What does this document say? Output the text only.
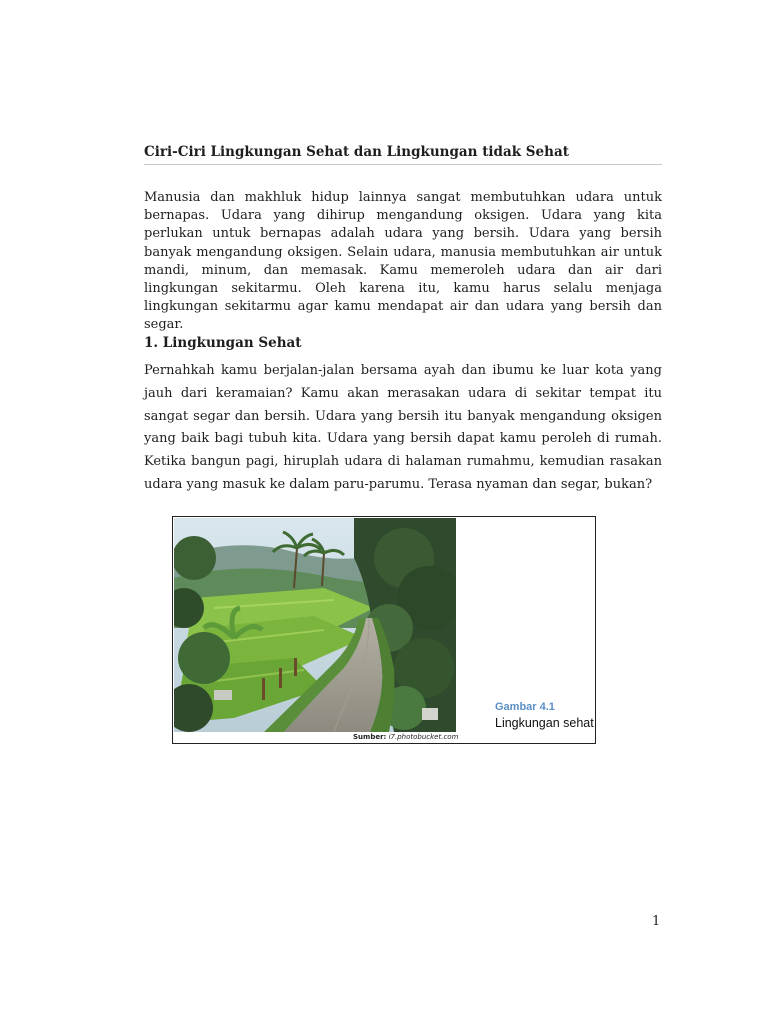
Ciri-Ciri Lingkungan Sehat dan Lingkungan tidak Sehat

Manusia dan makhluk hidup lainnya sangat membutuhkan udara untuk bernapas. Udara yang dihirup mengandung oksigen. Udara yang kita perlukan untuk bernapas adalah udara yang bersih. Udara yang bersih banyak mengandung oksigen. Selain udara, manusia membutuhkan air untuk mandi, minum, dan memasak. Kamu memeroleh udara dan air dari lingkungan sekitarmu. Oleh karena itu, kamu harus selalu menjaga lingkungan sekitarmu agar kamu mendapat air dan udara yang bersih dan segar.

1. Lingkungan Sehat

Pernahkah kamu berjalan-jalan bersama ayah dan ibumu ke luar kota yang jauh dari keramaian? Kamu akan merasakan udara di sekitar tempat itu sangat segar dan bersih. Udara yang bersih itu banyak mengandung oksigen yang baik bagi tubuh kita. Udara yang bersih dapat kamu peroleh di rumah. Ketika bangun pagi, hiruplah udara di halaman rumahmu, kemudian rasakan udara yang masuk ke dalam paru-parumu. Terasa nyaman dan segar, bukan?

Sumber: i7.photobucket.com
Gambar 4.1
Lingkungan sehat
1
